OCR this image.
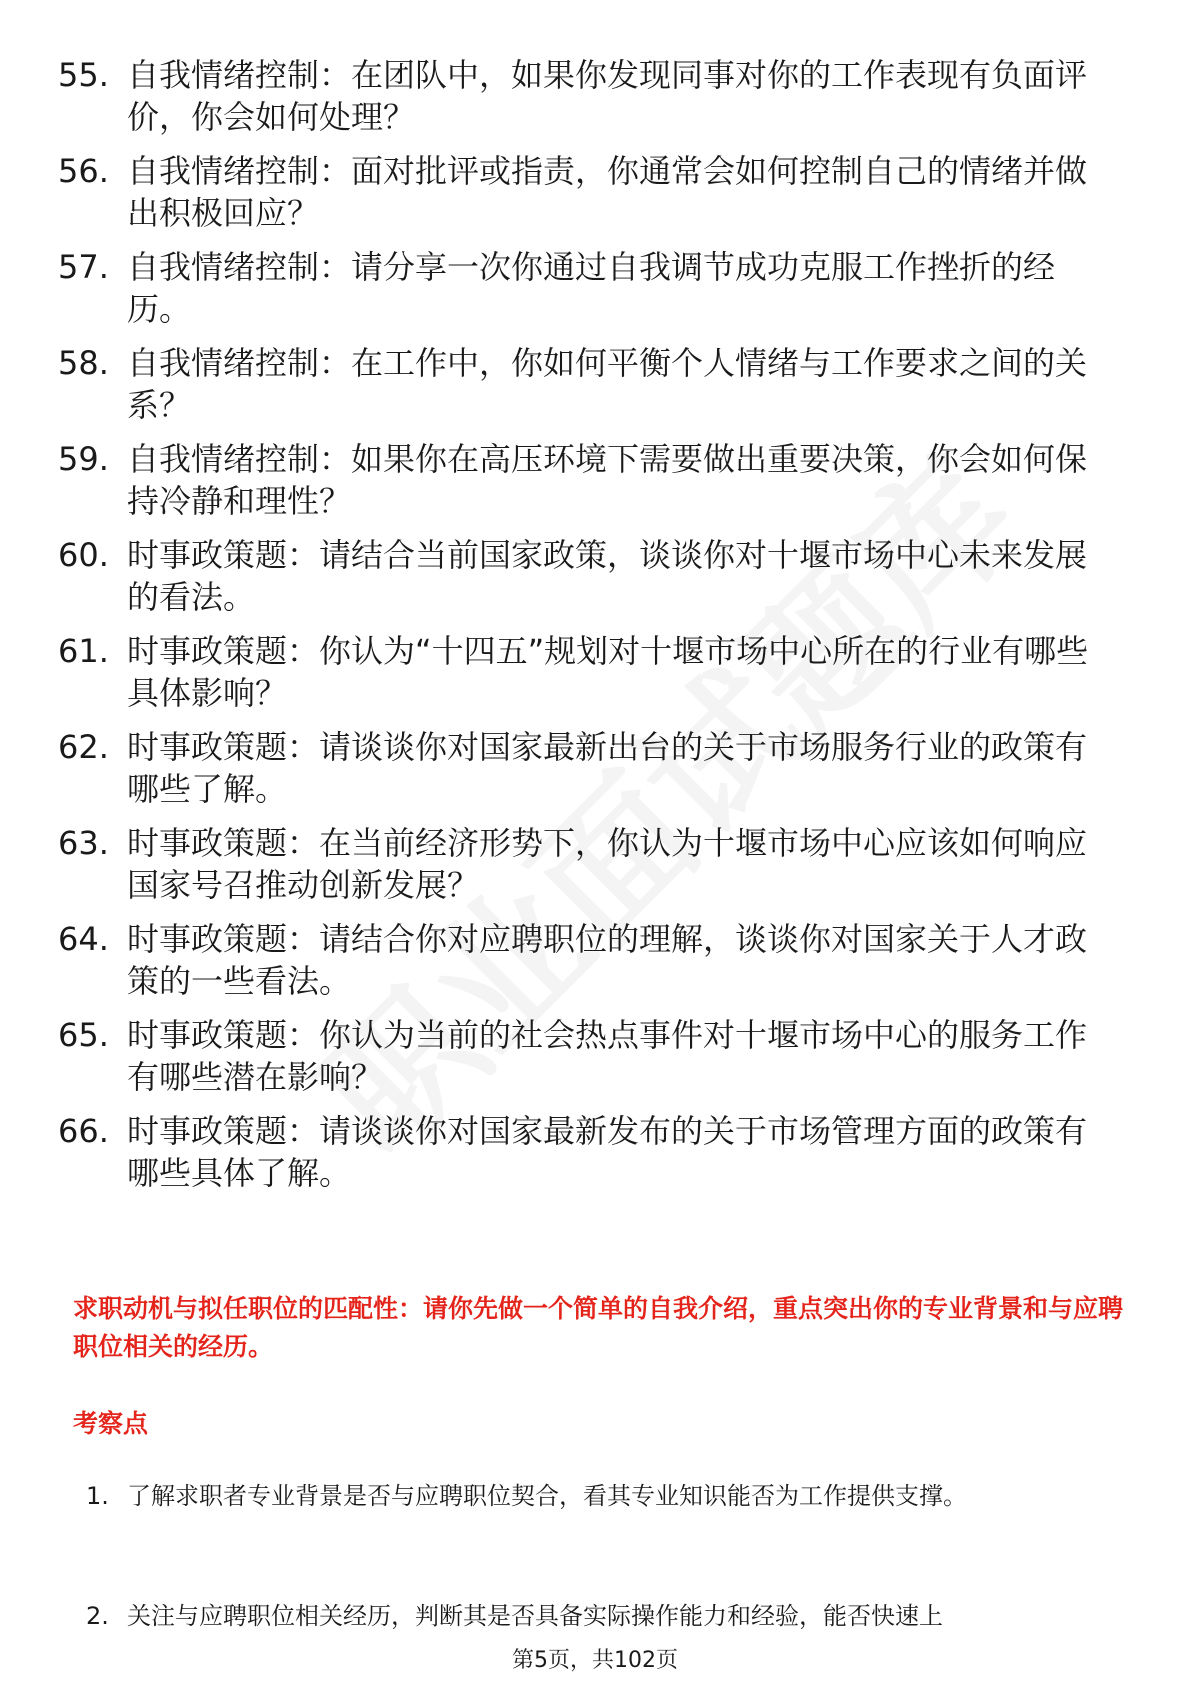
55. 自我情绪控制：在团队中，如果你发现同事对你的工作表现有负面评价，你会如何处理？
56. 自我情绪控制：面对批评或指责，你通常会如何控制自己的情绪并做出积极回应？
57. 自我情绪控制：请分享一次你通过自我调节成功克服工作挫折的经历。
58. 自我情绪控制：在工作中，你如何平衡个人情绪与工作要求之间的关系？
59. 自我情绪控制：如果你在高压环境下需要做出重要决策，你会如何保持冷静和理性？
60. 时事政策题：请结合当前国家政策，谈谈你对十堰市场中心未来发展的看法。
61. 时事政策题：你认为“十四五”规划对十堰市场中心所在的行业有哪些具体影响？
62. 时事政策题：请谈谈你对国家最新出台的关于市场服务行业的政策有哪些了解。
63. 时事政策题：在当前经济形势下，你认为十堰市场中心应该如何响应国家号召推动创新发展？
64. 时事政策题：请结合你对应聘职位的理解，谈谈你对国家关于人才政策的一些看法。
65. 时事政策题：你认为当前的社会热点事件对十堰市场中心的服务工作有哪些潜在影响？
66. 时事政策题：请谈谈你对国家最新发布的关于市场管理方面的政策有哪些具体了解。
求职动机与拟任职位的匹配性：请你先做一个简单的自我介绍，重点突出你的专业背景和与应聘职位相关的经历。
考察点
1. 了解求职者专业背景是否与应聘职位契合，看其专业知识能否为工作提供支撑。
2. 关注与应聘职位相关经历，判断其是否具备实际操作能力和经验，能否快速上
第5页，共102页
